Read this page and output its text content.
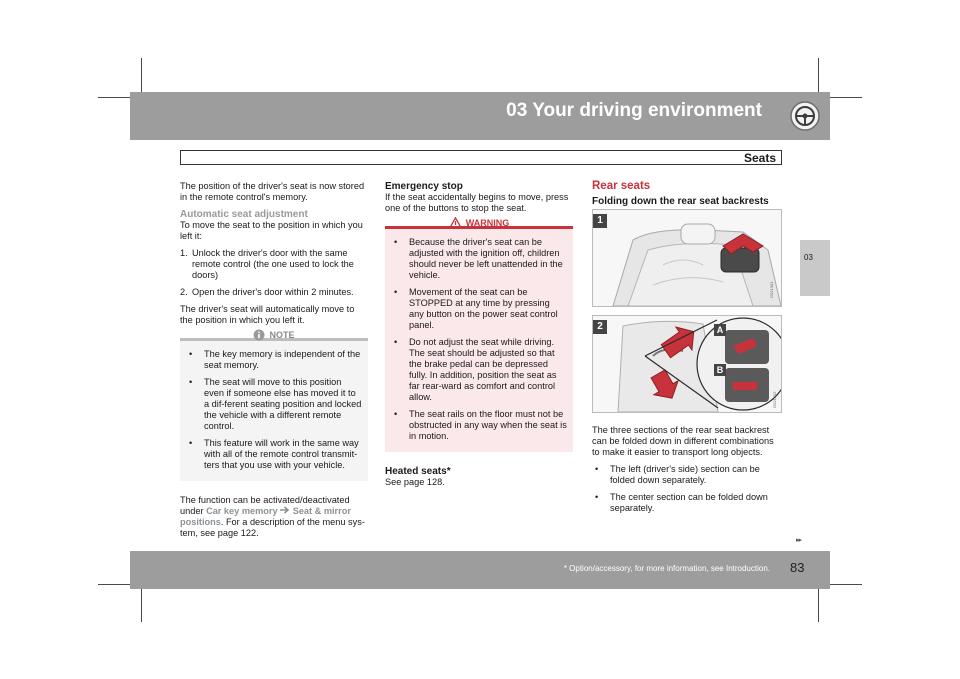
03 Your driving environment
Seats
03

The position of the driver's seat is now stored in the remote control's memory.

Automatic seat adjustment

To move the seat to the position in which you left it:

1. Unlock the driver's door with the same remote control (the one used to lock the doors)
2. Open the driver's door within 2 minutes.

The driver's seat will automatically move to the position in which you left it.

NOTE
•	The key memory is independent of the seat memory.
•	The seat will move to this position even if someone else has moved it to a dif-ferent seating position and locked the vehicle with a different remote control.
•	This feature will work in the same way with all of the remote control transmit-ters that you use with your vehicle.

The function can be activated/deactivated under Car key memory Seat & mirror positions. For a description of the menu sys-tem, see page 122.

Emergency stop

If the seat accidentally begins to move, press one of the buttons to stop the seat.

WARNING
•	Because the driver's seat can be adjusted with the ignition off, children should never be left unattended in the vehicle.
•	Movement of the seat can be STOPPED at any time by pressing any button on the power seat control panel.
•	Do not adjust the seat while driving. The seat should be adjusted so that the brake pedal can be depressed fully. In addition, position the seat as far rear-ward as comfort and control allow.
•	The seat rails on the floor must not be obstructed in any way when the seat is in motion.
Heated seats*

See page 128.

Rear seats
Folding down the rear seat backrests
1
G021301
2	A
B
G021302

The three sections of the rear seat backrest can be folded down in different combinations to make it easier to transport long objects.

•	The left (driver's side) section can be folded down separately.
•	The center section can be folded down separately.
▸▸
* Option/accessory, for more information, see Introduction. 83
